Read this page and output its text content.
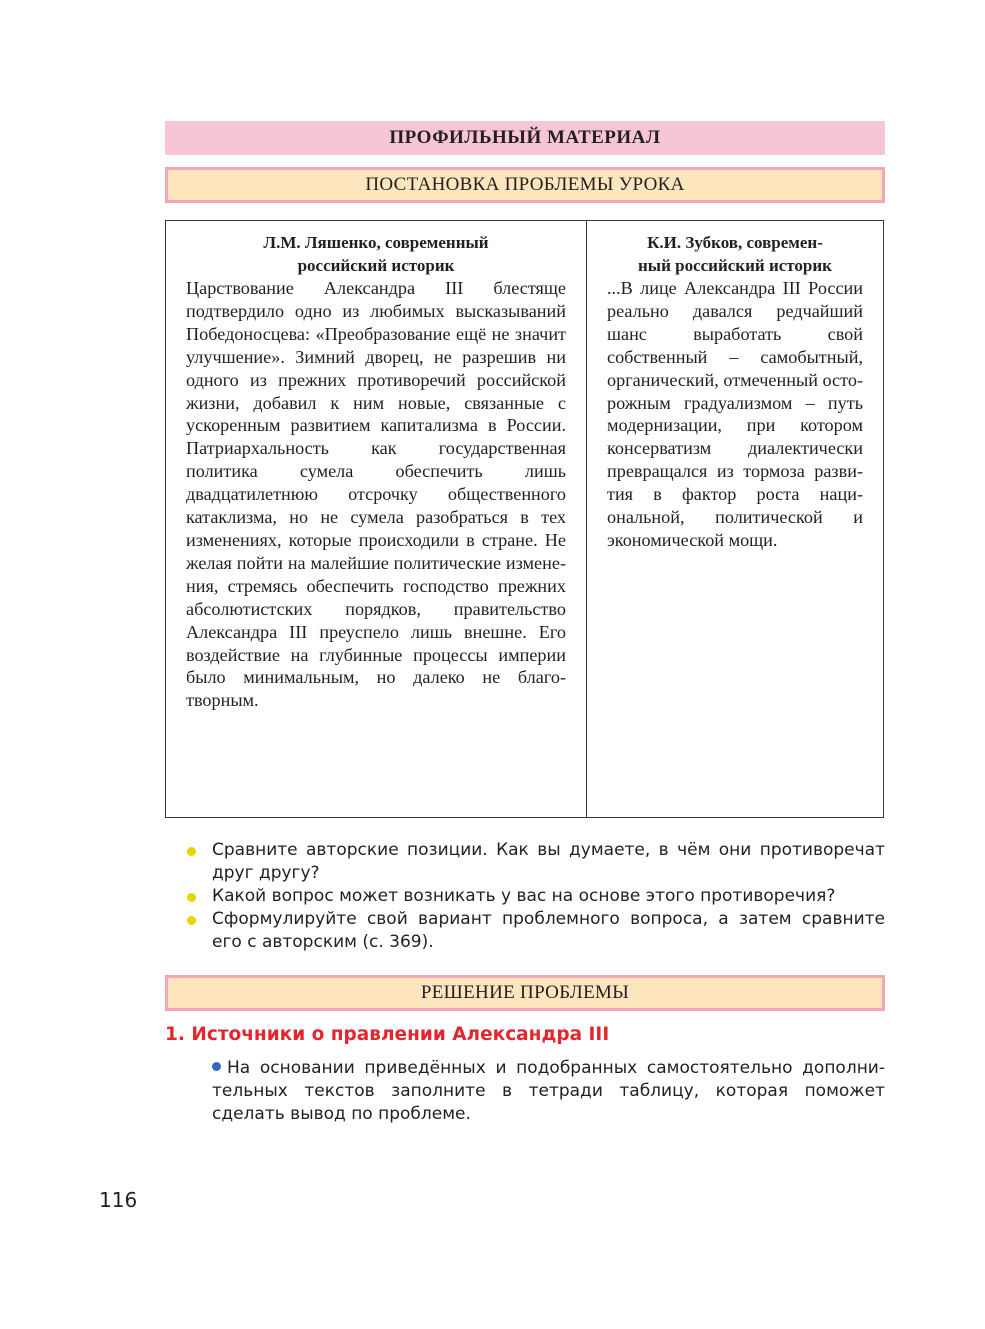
ПРОФИЛЬНЫЙ МАТЕРИАЛ
ПОСТАНОВКА ПРОБЛЕМЫ УРОКА
Л.М. Ляшенко, современный
российский историк
Царствование Александра III блестяще подтвердило одно из любимых высказываний Победоносцева: «Преобразование ещё не значит улучшение». Зимний дворец, не разрешив ни одного из прежних противоречий российской жизни, добавил к ним новые, связанные с ускоренным развитием капитализма в России. Патриархальность как государственная политика сумела обеспечить лишь двадцатилетнюю отсрочку общественного катаклизма, но не сумела разобраться в тех изменениях, которые происходили в стране. Не желая пойти на малейшие политические изменения, стремясь обеспечить господство прежних абсолютистских порядков, правительство Александра III преуспело лишь внешне. Его воздействие на глубинные процессы империи было минимальным, но далеко не благотворным.
К.И. Зубков, современ-
ный российский историк
...В лице Александра III России реально давался редчайший шанс выработать свой собственный – самобытный, органический, отмеченный осторожным градуализмом – путь модернизации, при котором консерватизм диалектически превращался из тормоза развития в фактор роста национальной, политической и экономической мощи.
Сравните авторские позиции. Как вы думаете, в чём они противоречат друг другу?
Какой вопрос может возникать у вас на основе этого противоречия?
Сформулируйте свой вариант проблемного вопроса, а затем сравните его с авторским (с. 369).
РЕШЕНИЕ ПРОБЛЕМЫ
1. Источники о правлении Александра III
На основании приведённых и подобранных самостоятельно дополнительных текстов заполните в тетради таблицу, которая поможет сделать вывод по проблеме.
116
